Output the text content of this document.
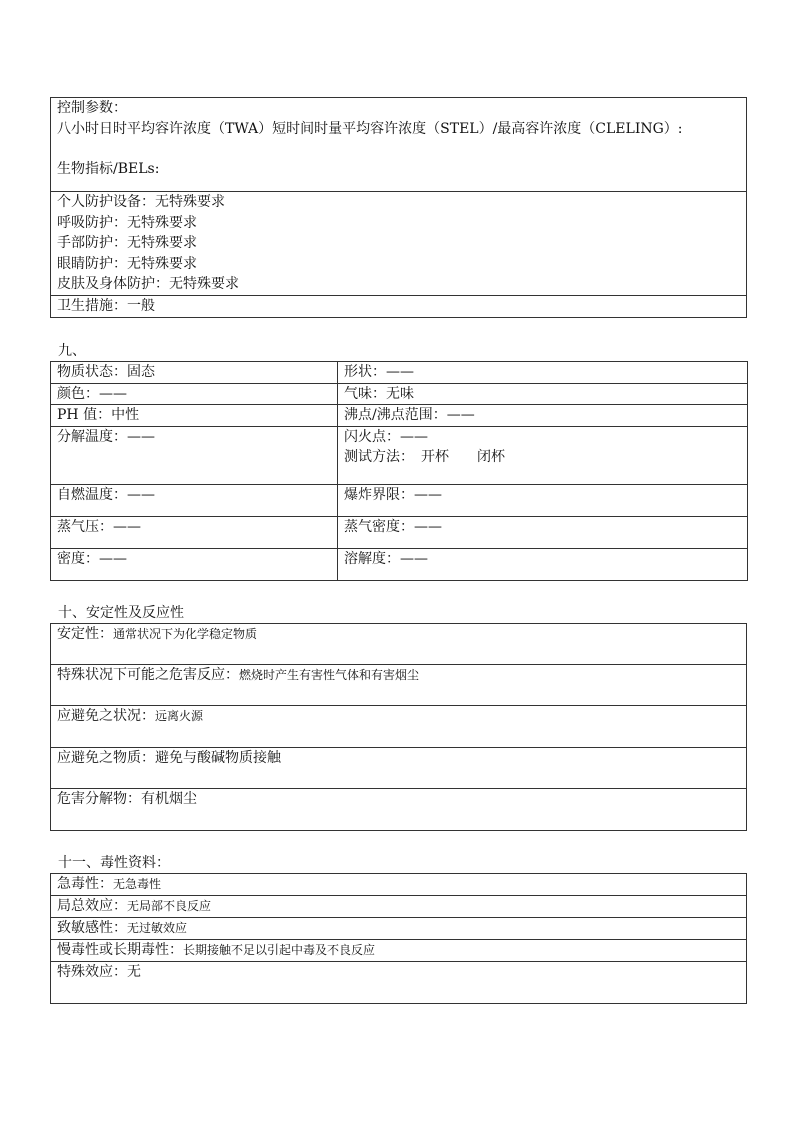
控制参数：
八小时日时平均容许浓度（TWA）短时间时量平均容许浓度（STEL）/最高容许浓度（CLELING）:
生物指标/BELs:

个人防护设备：无特殊要求
呼吸防护：无特殊要求
手部防护：无特殊要求
眼睛防护：无特殊要求
皮肤及身体防护：无特殊要求

卫生措施：一般

九、

物质状态：固态	形状：——
颜色：——	气味：无味
PH 值：中性	沸点/沸点范围：——
分解温度：——	闪火点：——
测试方法：　开杯　　闭杯

自燃温度：——	爆炸界限：——
蒸气压：——	蒸气密度：——
密度：——	溶解度：——

十、安定性及反应性

安定性：通常状况下为化学稳定物质
特殊状况下可能之危害反应：燃烧时产生有害性气体和有害烟尘
应避免之状况：远离火源
应避免之物质：避免与酸碱物质接触
危害分解物：有机烟尘

十一、毒性资料：

急毒性：无急毒性
局总效应：无局部不良反应
致敏感性：无过敏效应
慢毒性或长期毒性：长期接触不足以引起中毒及不良反应
特殊效应：无
